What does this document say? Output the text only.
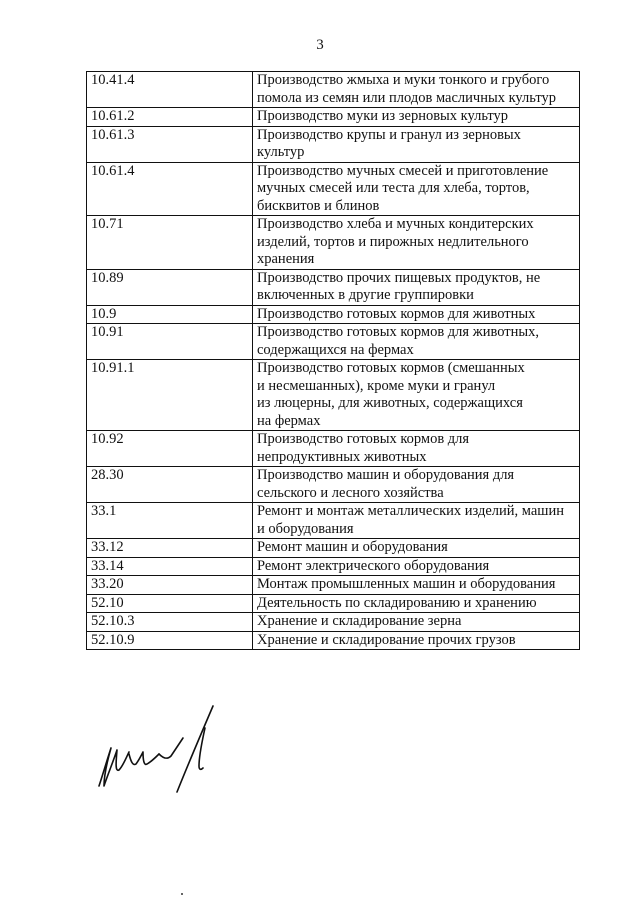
3
10.41.4	Производство жмыха и муки тонкого и грубого
помола из семян или плодов масличных культур
10.61.2	Производство муки из зерновых культур
10.61.3	Производство крупы и гранул из зерновых
культур
10.61.4	Производство мучных смесей и приготовление
мучных смесей или теста для хлеба, тортов,
бисквитов и блинов
10.71	Производство хлеба и мучных кондитерских
изделий, тортов и пирожных недлительного
хранения
10.89	Производство прочих пищевых продуктов, не
включенных в другие группировки
10.9	Производство готовых кормов для животных
10.91	Производство готовых кормов для животных,
содержащихся на фермах
10.91.1	Производство готовых кормов (смешанных
и несмешанных), кроме муки и гранул
из люцерны, для животных, содержащихся
на фермах
10.92	Производство готовых кормов для
непродуктивных животных
28.30	Производство машин и оборудования для
сельского и лесного хозяйства
33.1	Ремонт и монтаж металлических изделий, машин
и оборудования
33.12	Ремонт машин и оборудования
33.14	Ремонт электрического оборудования
33.20	Монтаж промышленных машин и оборудования
52.10	Деятельность по складированию и хранению
52.10.3	Хранение и складирование зерна
52.10.9	Хранение и складирование прочих грузов
